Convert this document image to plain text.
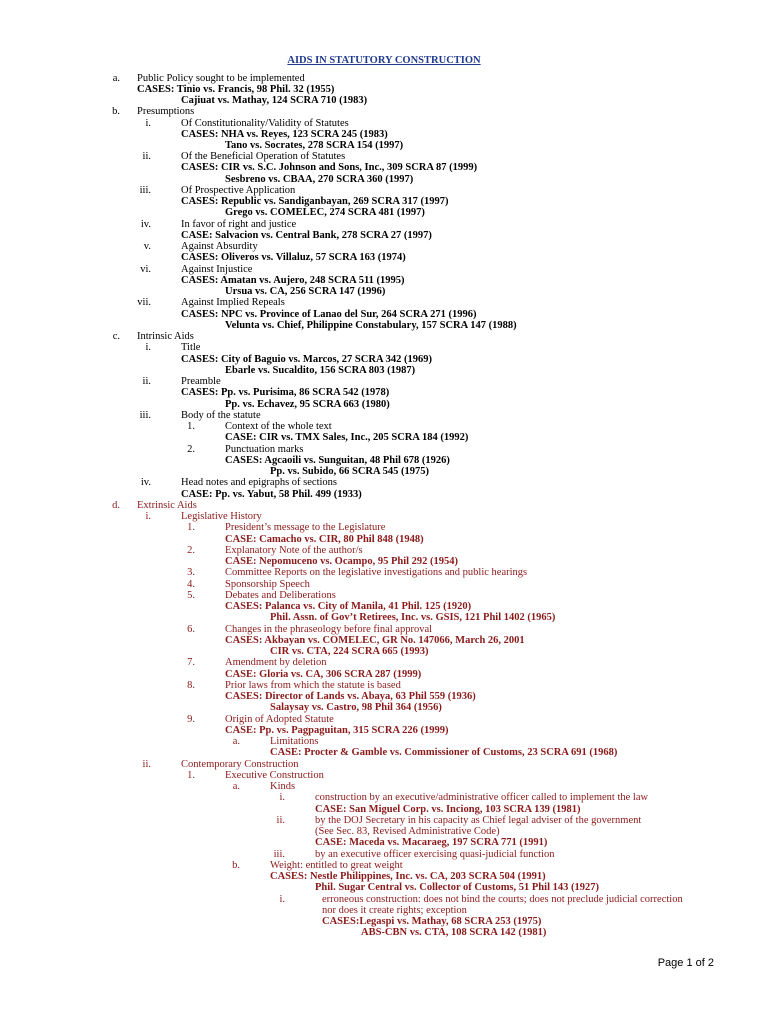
AIDS IN STATUTORY CONSTRUCTION
a. Public Policy sought to be implemented
CASES: Tinio vs. Francis, 98 Phil. 32 (1955)
Cajiuat vs. Mathay, 124 SCRA 710 (1983)
b. Presumptions
i.	Of Constitutionality/Validity of Statutes
CASES: NHA vs. Reyes, 123 SCRA 245 (1983)
Tano vs. Socrates, 278 SCRA 154 (1997)
ii.	Of the Beneficial Operation of Statutes
CASES: CIR vs. S.C. Johnson and Sons, Inc., 309 SCRA 87 (1999)
Sesbreno vs. CBAA, 270 SCRA 360 (1997)
iii.	Of Prospective Application
CASES: Republic vs. Sandiganbayan, 269 SCRA 317 (1997)
Grego vs. COMELEC, 274 SCRA 481 (1997)
iv.	In favor of right and justice
CASE: Salvacion vs. Central Bank, 278 SCRA 27 (1997)
v.	Against Absurdity
CASES: Oliveros vs. Villaluz, 57 SCRA 163 (1974)
vi.	Against Injustice
CASES: Amatan vs. Aujero, 248 SCRA 511 (1995)
Ursua vs. CA, 256 SCRA 147 (1996)
vii.	Against Implied Repeals
CASES: NPC vs. Province of Lanao del Sur, 264 SCRA 271 (1996)
Velunta vs. Chief, Philippine Constabulary, 157 SCRA 147 (1988)
c. Intrinsic Aids
i.	Title
CASES: City of Baguio vs. Marcos, 27 SCRA 342 (1969)
Ebarle vs. Sucaldito, 156 SCRA 803 (1987)
ii.	Preamble
CASES: Pp. vs. Purisima, 86 SCRA 542 (1978)
Pp. vs. Echavez, 95 SCRA 663 (1980)
iii.	Body of the statute
1.	Context of the whole text
CASE: CIR vs. TMX Sales, Inc., 205 SCRA 184 (1992)
2.	Punctuation marks
CASES: Agcaoili vs. Sunguitan, 48 Phil 678 (1926)
Pp. vs. Subido, 66 SCRA 545 (1975)
iv.	Head notes and epigraphs of sections
CASE: Pp. vs. Yabut, 58 Phil. 499 (1933)
d. Extrinsic Aids
i.	Legislative History
1.	President’s message to the Legislature
CASE: Camacho vs. CIR, 80 Phil 848 (1948)
2.	Explanatory Note of the author/s
CASE: Nepomuceno vs. Ocampo, 95 Phil 292 (1954)
3.	Committee Reports on the legislative investigations and public hearings
4.	Sponsorship Speech
5.	Debates and Deliberations
CASES: Palanca vs. City of Manila, 41 Phil. 125 (1920)
Phil. Assn. of Gov’t Retirees, Inc. vs. GSIS, 121 Phil 1402 (1965)
6.	Changes in the phraseology before final approval
CASES: Akbayan vs. COMELEC, GR No. 147066, March 26, 2001
CIR vs. CTA, 224 SCRA 665 (1993)
7.	Amendment by deletion
CASE: Gloria vs. CA, 306 SCRA 287 (1999)
8.	Prior laws from which the statute is based
CASES: Director of Lands vs. Abaya, 63 Phil 559 (1936)
Salaysay vs. Castro, 98 Phil 364 (1956)
9.	Origin of Adopted Statute
CASE: Pp. vs. Pagpaguitan, 315 SCRA 226 (1999)
a.	Limitations
CASE: Procter & Gamble vs. Commissioner of Customs, 23 SCRA 691 (1968)
ii.	Contemporary Construction
1.	Executive Construction
a.	Kinds
i.	construction by an executive/administrative officer called to implement the law
CASE: San Miguel Corp. vs. Inciong, 103 SCRA 139 (1981)
ii.	by the DOJ Secretary in his capacity as Chief legal adviser of the government
(See Sec. 83, Revised Administrative Code)
CASE: Maceda vs. Macaraeg, 197 SCRA 771 (1991)
iii.	by an executive officer exercising quasi-judicial function
b.	Weight: entitled to great weight
CASES: Nestle Philippines, Inc. vs. CA, 203 SCRA 504 (1991)
Phil. Sugar Central vs. Collector of Customs, 51 Phil 143 (1927)
i.	erroneous construction: does not bind the courts; does not preclude judicial correction
nor does it create rights; exception
CASES:Legaspi vs. Mathay, 68 SCRA 253 (1975)
ABS-CBN vs. CTA, 108 SCRA 142 (1981)
Page 1 of 2
